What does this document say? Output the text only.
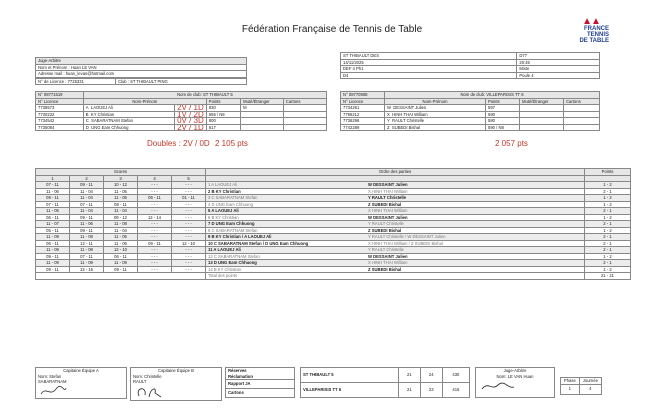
Fédération Française de Tennis de Table
▲▲
FRANCE
TENNIS
DE TABLE
Juge-Arbitre
Nom et Prénom : Huan LE VAN
Adresse mail : huan_levan@hotmail.com
N° de Licence : 7725331	Club : ST THIBAULT PING
ST THIBAULT DES	D77
14/11/2025	20:45
DEF 4 Ph1	Mixte
D4	Poule 4
N° 08771519	Nom de club: ST THIBAULT 5				
N° Licence	Nom-Prénom		Points	Muté/Étranger	Cartons
7738573	A LAOUEJ Ali	2V / 1D	830	M	
7730232	B KY Christian	1V / 2D	555 / N8		
7734542	C SABARATNAM Stefan	0V / 3D	800		
7735084	D UNG Eam Chhuong	2V / 1D	617		
Doubles : 2V / 0D 2 105 pts
N° 08770908	Nom de club: VILLEPARISIS TT 6			
N° Licence	Nom-Prénom	Points	Muté/Étranger	Cartons
7734261	W DESSAINT Julien	597		
7796212	X HINH THAI William	590		
7736296	Y RAULT Christelle	580		
7742289	Z SUBEDI Bishal	590 / N8		
2 057 pts
Scores					Ordre des parties	Points
1	2	3	4	5		
07 - 11	09 - 11	10 - 12	- - -	- - -	1 A LAOUEJ Ali W DESSAINT Julien	1 - 2
11 - 06	11 - 04	11 - 05	- - -	- - -	2 B KY Christian X HINH THAI William	2 - 1
09 - 11	11 - 04	11 - 05	06 - 11	01 - 11	3 C SABARATNAM Stefan Y RAULT Christelle	1 - 2
07 - 11	07 - 11	08 - 11	- - -	- - -	4 D UNG Eam Chhuong Z SUBEDI Bishal	1 - 2
11 - 05	11 - 04	11 - 04	- - -	- - -	5 A LAOUEJ Ali X HINH THAI William	2 - 1
06 - 11	09 - 11	09 - 12	12 - 14	- - -	6 B KY Christian W DESSAINT Julien	1 - 2
11 - 07	11 - 06	11 - 08	- - -	- - -	7 D UNG Eam Chhuong Y RAULT Christelle	2 - 1
05 - 11	09 - 11	11 - 04	- - -	- - -	8 C SABARATNAM Stefan Z SUBEDI Bishal	1 - 2
11 - 09	11 - 08	11 - 05	- - -	- - -	9 B KY Christian / A LAOUEJ Ali Y RAULT Christelle / W DESSAINT Julien	2 - 1
06 - 11	12 - 11	11 - 06	09 - 11	12 - 10	10 C SABARATNAM Stefan / D UNG Eam Chhuong X HINH THAI William / Z SUBEDI Bishal	2 - 1
11 - 09	11 - 08	12 - 10	- - -	- - -	11 A LAOUEJ Ali Y RAULT Christelle	2 - 1
09 - 11	07 - 11	06 - 11	- - -	- - -	12 C SABARATNAM Stefan W DESSAINT Julien	1 - 2
11 - 09	11 - 09	11 - 09	- - -	- - -	13 D UNG Eam Chhuong X HINH THAI William	2 - 1
09 - 11	13 - 15	09 - 11	- - -	- - -	14 B KY Christian Z SUBEDI Bishal	1 - 2
					Total des points	21 - 21
Capitaine Équipe A
Nom: Stefan
SABARATNAM
Capitaine Équipe B
Nom: Christelle
RAULT
Réserves
Réclamation

Rapport JA
Cartons
ST THIBAULT 5	21	24	430
VILLEPARISIS TT 6	21	23	416
Juge-Arbitre
Nom: LE VAN Huan
Phase	Journée
1	4
